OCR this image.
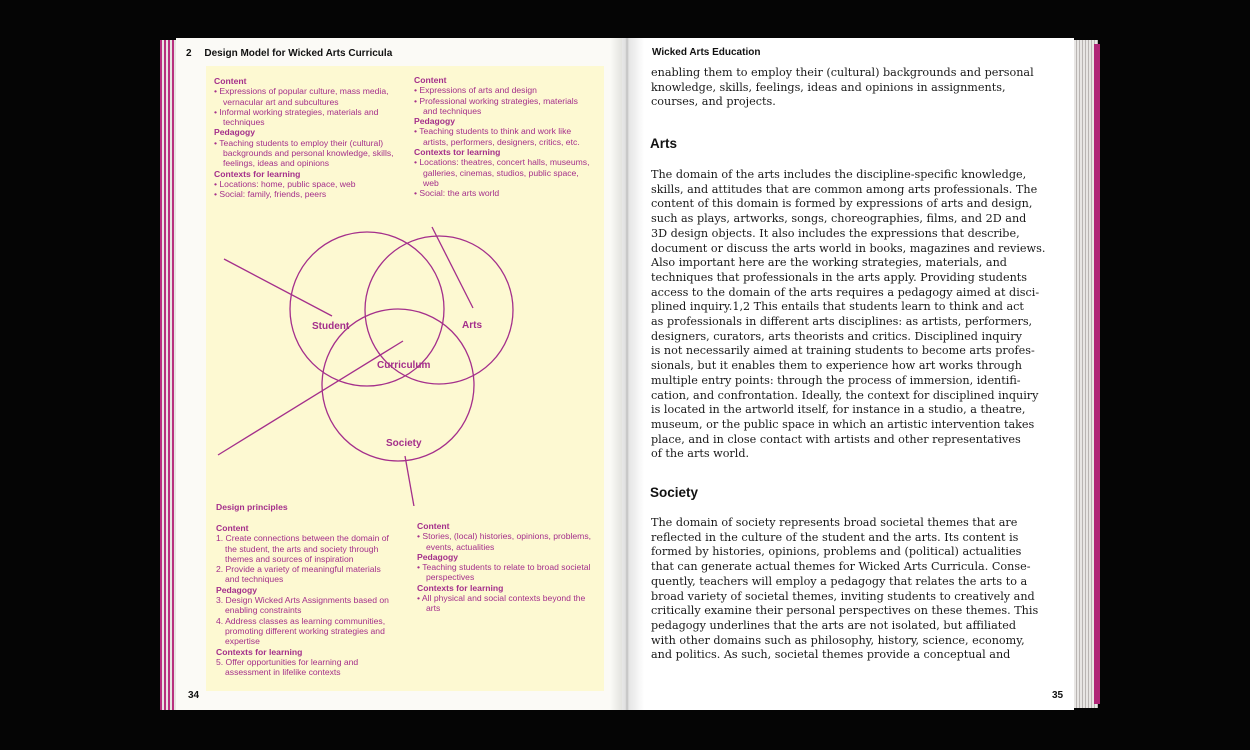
2 Design Model for Wicked Arts Curricula
Content
• Expressions of popular culture, mass media, vernacular art and subcultures
• Informal working strategies, materials and techniques
Pedagogy
• Teaching students to employ their (cultural) backgrounds and personal knowledge, skills, feelings, ideas and opinions
Contexts for learning
• Locations: home, public space, web
• Social: family, friends, peers
Content
• Expressions of arts and design
• Professional working strategies, materials and techniques
Pedagogy
• Teaching students to think and work like artists, performers, designers, critics, etc.
Contexts tor learning
• Locations: theatres, concert halls, museums, galleries, cinemas, studios, public space, web
• Social: the arts world
Student	Arts
Curriculum
Society
Design principles
Content
1. Create connections between the domain of the student, the arts and society through themes and sources of inspiration
2. Provide a variety of meaningful materials and techniques
Pedagogy
3. Design Wicked Arts Assignments based on enabling constraints
4. Address classes as learning communities, promoting different working strategies and expertise
Contexts for learning
5. Offer opportunities for learning and assessment in lifelike contexts
Content
• Stories, (local) histories, opinions, problems, events, actualities
Pedagogy
• Teaching students to relate to broad societal perspectives
Contexts for learning
• All physical and social contexts beyond the arts
34
Wicked Arts Education
enabling them to employ their (cultural) backgrounds and personal
knowledge, skills, feelings, ideas and opinions in assignments,
courses, and projects.
Arts
The domain of the arts includes the discipline-specific knowledge,
skills, and attitudes that are common among arts professionals. The
content of this domain is formed by expressions of arts and design,
such as plays, artworks, songs, choreographies, films, and 2D and
3D design objects. It also includes the expressions that describe,
document or discuss the arts world in books, magazines and reviews.
Also important here are the working strategies, materials, and
techniques that professionals in the arts apply. Providing students
access to the domain of the arts requires a pedagogy aimed at disci-
plined inquiry.1,2 This entails that students learn to think and act
as professionals in different arts disciplines: as artists, performers,
designers, curators, arts theorists and critics. Disciplined inquiry
is not necessarily aimed at training students to become arts profes-
sionals, but it enables them to experience how art works through
multiple entry points: through the process of immersion, identifi-
cation, and confrontation. Ideally, the context for disciplined inquiry
is located in the artworld itself, for instance in a studio, a theatre,
museum, or the public space in which an artistic intervention takes
place, and in close contact with artists and other representatives
of the arts world.
Society
The domain of society represents broad societal themes that are
reflected in the culture of the student and the arts. Its content is
formed by histories, opinions, problems and (political) actualities
that can generate actual themes for Wicked Arts Curricula. Conse-
quently, teachers will employ a pedagogy that relates the arts to a
broad variety of societal themes, inviting students to creatively and
critically examine their personal perspectives on these themes. This
pedagogy underlines that the arts are not isolated, but affiliated
with other domains such as philosophy, history, science, economy,
and politics. As such, societal themes provide a conceptual and
35
